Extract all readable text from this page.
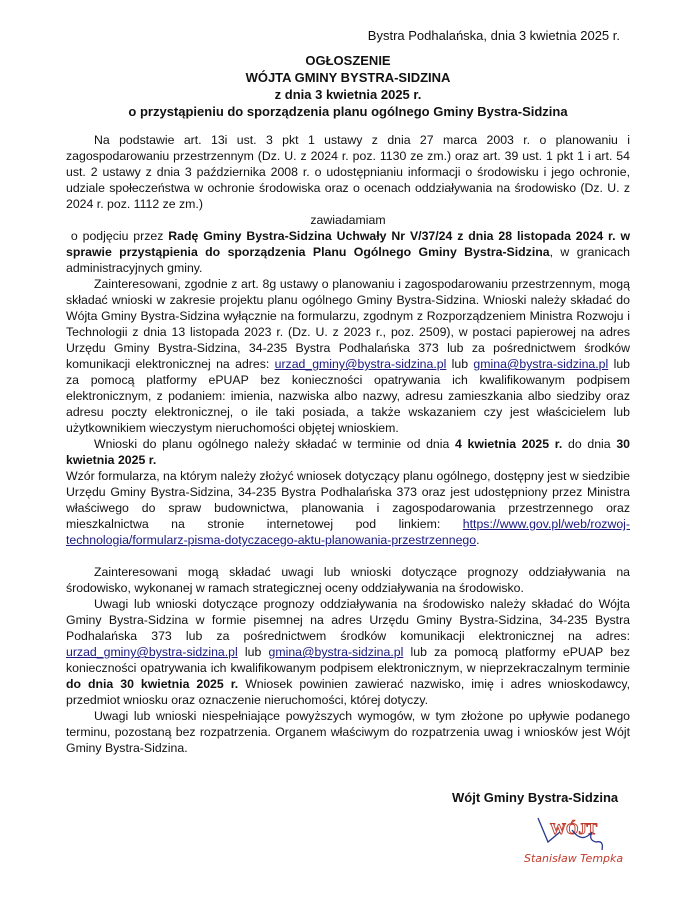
Bystra Podhalańska, dnia 3 kwietnia 2025 r.
OGŁOSZENIE
WÓJTA GMINY BYSTRA-SIDZINA
z dnia 3 kwietnia 2025 r.
o przystąpieniu do sporządzenia planu ogólnego Gminy Bystra-Sidzina

Na podstawie art. 13i ust. 3 pkt 1 ustawy z dnia 27 marca 2003 r. o planowaniu i zagospodarowaniu przestrzennym (Dz. U. z 2024 r. poz. 1130 ze zm.) oraz art. 39 ust. 1 pkt 1 i art. 54 ust. 2 ustawy z dnia 3 października 2008 r. o udostępnianiu informacji o środowisku i jego ochronie, udziale społeczeństwa w ochronie środowiska oraz o ocenach oddziaływania na środowisko (Dz. U. z 2024 r. poz. 1112 ze zm.)

zawiadamiam

o podjęciu przez Radę Gminy Bystra-Sidzina Uchwały Nr V/37/24 z dnia 28 listopada 2024 r. w sprawie przystąpienia do sporządzenia Planu Ogólnego Gminy Bystra-Sidzina, w granicach administracyjnych gminy.

Zainteresowani, zgodnie z art. 8g ustawy o planowaniu i zagospodarowaniu przestrzennym, mogą składać wnioski w zakresie projektu planu ogólnego Gminy Bystra-Sidzina. Wnioski należy składać do Wójta Gminy Bystra-Sidzina wyłącznie na formularzu, zgodnym z Rozporządzeniem Ministra Rozwoju i Technologii z dnia 13 listopada 2023 r. (Dz. U. z 2023 r., poz. 2509), w postaci papierowej na adres Urzędu Gminy Bystra-Sidzina, 34-235 Bystra Podhalańska 373 lub za pośrednictwem środków komunikacji elektronicznej na adres: urzad_gminy@bystra-sidzina.pl lub gmina@bystra-sidzina.pl lub za pomocą platformy ePUAP bez konieczności opatrywania ich kwalifikowanym podpisem elektronicznym, z podaniem: imienia, nazwiska albo nazwy, adresu zamieszkania albo siedziby oraz adresu poczty elektronicznej, o ile taki posiada, a także wskazaniem czy jest właścicielem lub użytkownikiem wieczystym nieruchomości objętej wnioskiem.

Wnioski do planu ogólnego należy składać w terminie od dnia 4 kwietnia 2025 r. do dnia 30 kwietnia 2025 r.

Wzór formularza, na którym należy złożyć wniosek dotyczący planu ogólnego, dostępny jest w siedzibie Urzędu Gminy Bystra-Sidzina, 34-235 Bystra Podhalańska 373 oraz jest udostępniony przez Ministra właściwego do spraw budownictwa, planowania i zagospodarowania przestrzennego oraz mieszkalnictwa na stronie internetowej pod linkiem: https://www.gov.pl/web/rozwoj-technologia/formularz-pisma-dotyczacego-aktu-planowania-przestrzennego.

Zainteresowani mogą składać uwagi lub wnioski dotyczące prognozy oddziaływania na środowisko, wykonanej w ramach strategicznej oceny oddziaływania na środowisko.

Uwagi lub wnioski dotyczące prognozy oddziaływania na środowisko należy składać do Wójta Gminy Bystra-Sidzina w formie pisemnej na adres Urzędu Gminy Bystra-Sidzina, 34-235 Bystra Podhalańska 373 lub za pośrednictwem środków komunikacji elektronicznej na adres: urzad_gminy@bystra-sidzina.pl lub gmina@bystra-sidzina.pl lub za pomocą platformy ePUAP bez konieczności opatrywania ich kwalifikowanym podpisem elektronicznym, w nieprzekraczalnym terminie do dnia 30 kwietnia 2025 r. Wniosek powinien zawierać nazwisko, imię i adres wnioskodawcy, przedmiot wniosku oraz oznaczenie nieruchomości, której dotyczy.

Uwagi lub wnioski niespełniające powyższych wymogów, w tym złożone po upływie podanego terminu, pozostaną bez rozpatrzenia. Organem właściwym do rozpatrzenia uwag i wniosków jest Wójt Gminy Bystra-Sidzina.

Wójt Gminy Bystra-Sidzina
WÓJT
Stanisław Tempka
